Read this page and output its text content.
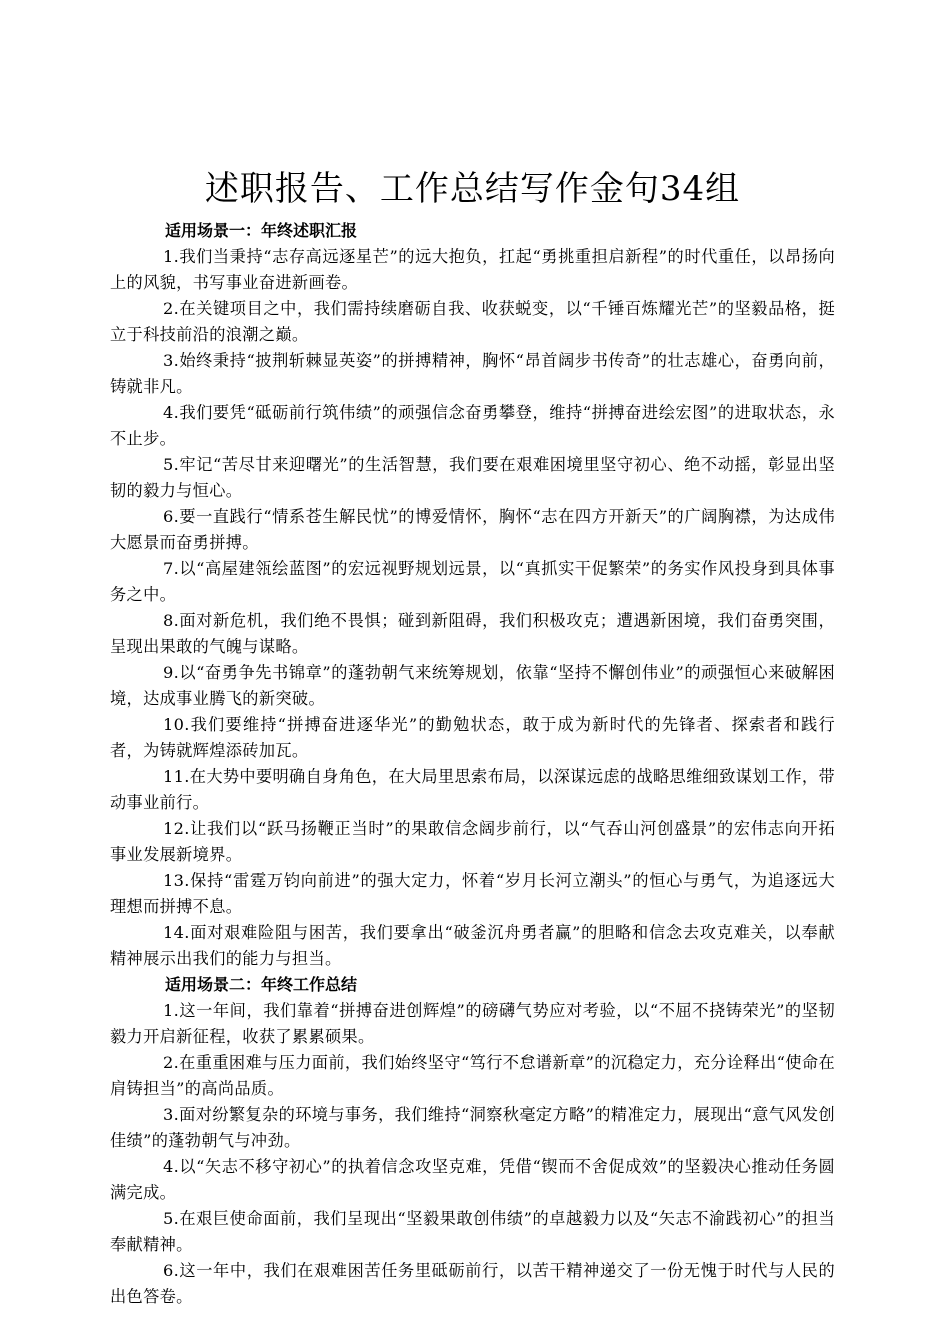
述职报告、工作总结写作金句34组

适用场景一：年终述职汇报

1.我们当秉持“志存高远逐星芒”的远大抱负，扛起“勇挑重担启新程”的时代重任，以昂扬向上的风貌，书写事业奋进新画卷。

2.在关键项目之中，我们需持续磨砺自我、收获蜕变，以“千锤百炼耀光芒”的坚毅品格，挺立于科技前沿的浪潮之巅。

3.始终秉持“披荆斩棘显英姿”的拼搏精神，胸怀“昂首阔步书传奇”的壮志雄心，奋勇向前，铸就非凡。

4.我们要凭“砥砺前行筑伟绩”的顽强信念奋勇攀登，维持“拼搏奋进绘宏图”的进取状态，永不止步。

5.牢记“苦尽甘来迎曙光”的生活智慧，我们要在艰难困境里坚守初心、绝不动摇，彰显出坚韧的毅力与恒心。

6.要一直践行“情系苍生解民忧”的博爱情怀，胸怀“志在四方开新天”的广阔胸襟，为达成伟大愿景而奋勇拼搏。

7.以“高屋建瓴绘蓝图”的宏远视野规划远景，以“真抓实干促繁荣”的务实作风投身到具体事务之中。

8.面对新危机，我们绝不畏惧；碰到新阻碍，我们积极攻克；遭遇新困境，我们奋勇突围，呈现出果敢的气魄与谋略。

9.以“奋勇争先书锦章”的蓬勃朝气来统筹规划，依靠“坚持不懈创伟业”的顽强恒心来破解困境，达成事业腾飞的新突破。

10.我们要维持“拼搏奋进逐华光”的勤勉状态，敢于成为新时代的先锋者、探索者和践行者，为铸就辉煌添砖加瓦。

11.在大势中要明确自身角色，在大局里思索布局，以深谋远虑的战略思维细致谋划工作，带动事业前行。

12.让我们以“跃马扬鞭正当时”的果敢信念阔步前行，以“气吞山河创盛景”的宏伟志向开拓事业发展新境界。

13.保持“雷霆万钧向前进”的强大定力，怀着“岁月长河立潮头”的恒心与勇气，为追逐远大理想而拼搏不息。

14.面对艰难险阻与困苦，我们要拿出“破釜沉舟勇者赢”的胆略和信念去攻克难关，以奉献精神展示出我们的能力与担当。

适用场景二：年终工作总结

1.这一年间，我们靠着“拼搏奋进创辉煌”的磅礴气势应对考验，以“不屈不挠铸荣光”的坚韧毅力开启新征程，收获了累累硕果。

2.在重重困难与压力面前，我们始终坚守“笃行不怠谱新章”的沉稳定力，充分诠释出“使命在肩铸担当”的高尚品质。

3.面对纷繁复杂的环境与事务，我们维持“洞察秋毫定方略”的精准定力，展现出“意气风发创佳绩”的蓬勃朝气与冲劲。

4.以“矢志不移守初心”的执着信念攻坚克难，凭借“锲而不舍促成效”的坚毅决心推动任务圆满完成。

5.在艰巨使命面前，我们呈现出“坚毅果敢创伟绩”的卓越毅力以及“矢志不渝践初心”的担当奉献精神。

6.这一年中，我们在艰难困苦任务里砥砺前行，以苦干精神递交了一份无愧于时代与人民的出色答卷。
